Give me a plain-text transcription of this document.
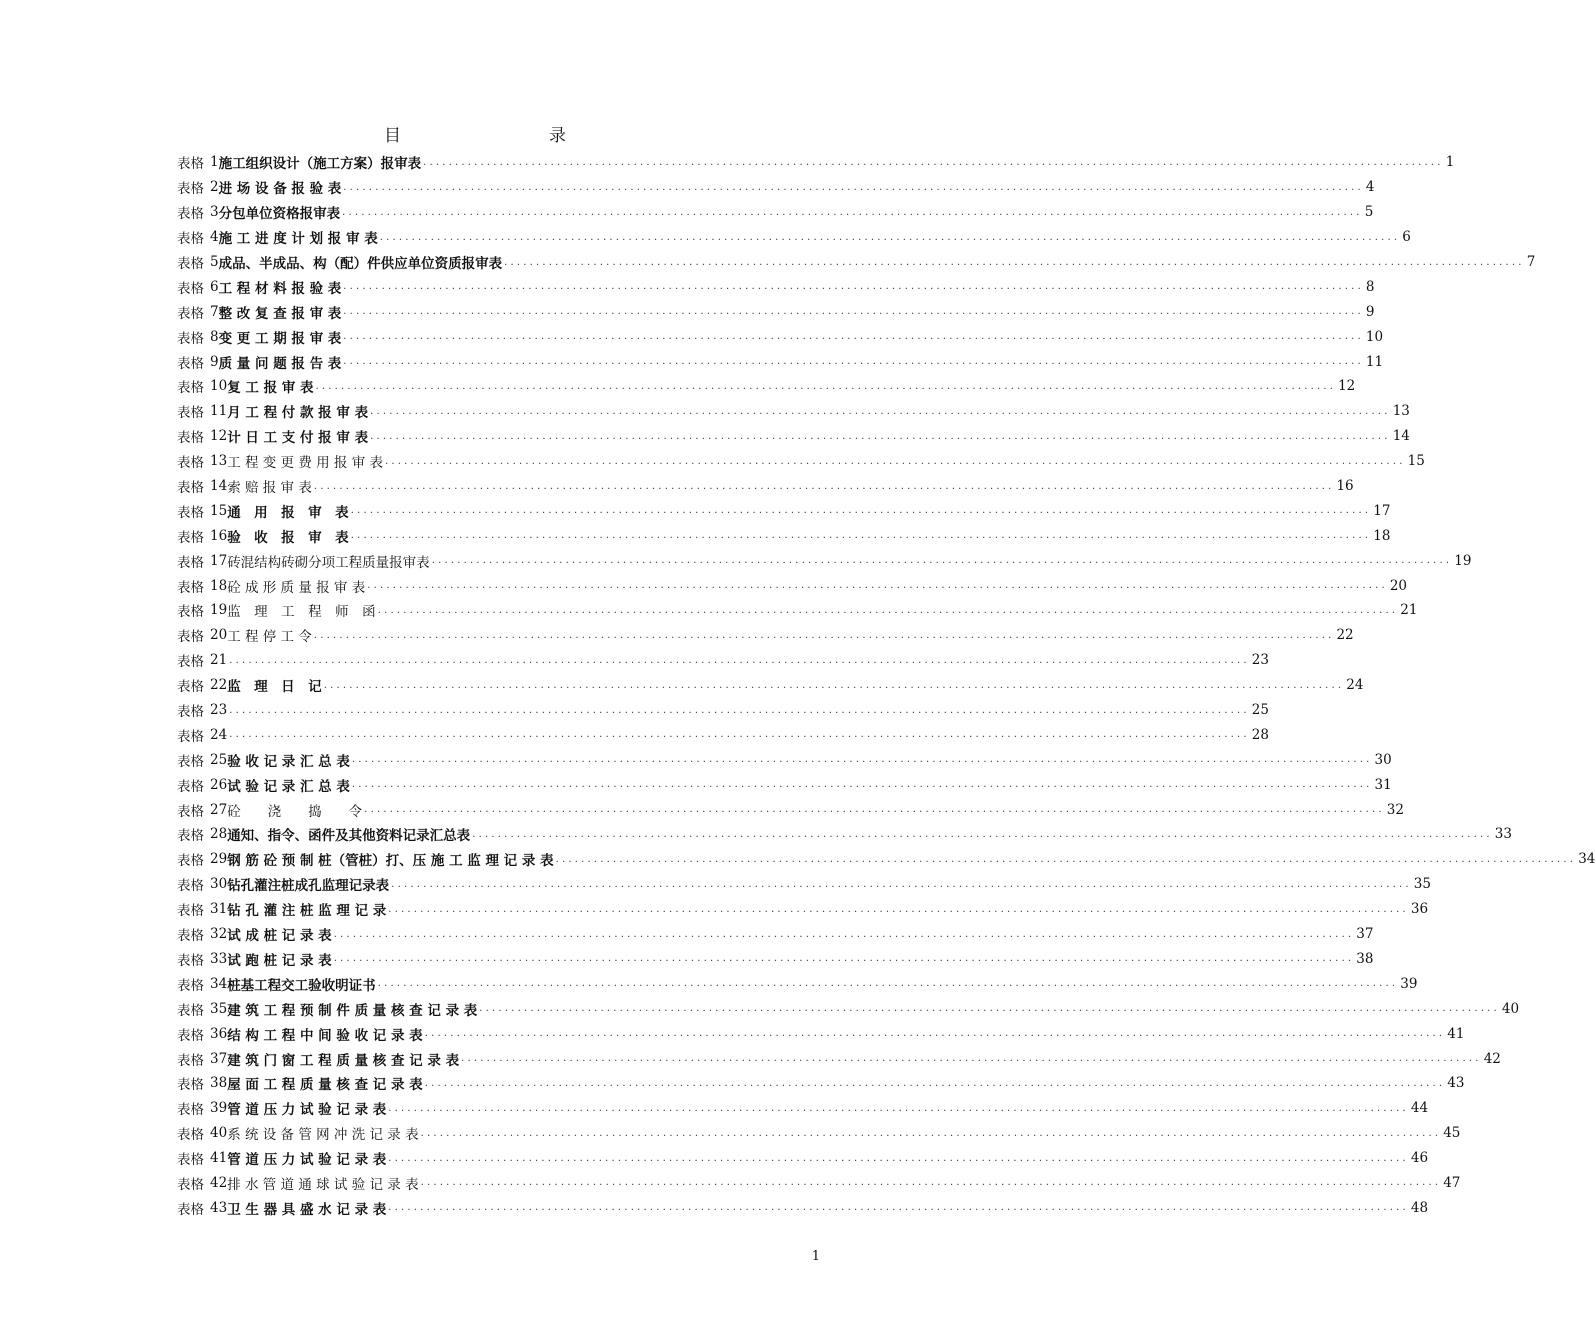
目	录
表格 1 施工组织设计（施工方案）报审表 ................................................................................................................................................................ 1
表格 2 进 场 设 备 报 验 表 ................................................................................................................................................................ 4
表格 3 分包单位资格报审表 ................................................................................................................................................................ 5
表格 4 施 工 进 度 计 划 报 审 表 ................................................................................................................................................................ 6
表格 5 成品、半成品、构（配）件供应单位资质报审表 ................................................................................................................................................................ 7
表格 6 工 程 材 料 报 验 表 ................................................................................................................................................................ 8
表格 7 整 改 复 查 报 审 表 ................................................................................................................................................................ 9
表格 8 变 更 工 期 报 审 表 ................................................................................................................................................................ 10
表格 9 质 量 问 题 报 告 表 ................................................................................................................................................................ 11
表格 10 复 工 报 审 表 ................................................................................................................................................................ 12
表格 11 月 工 程 付 款 报 审 表 ................................................................................................................................................................ 13
表格 12 计 日 工 支 付 报 审 表 ................................................................................................................................................................ 14
表格 13 工 程 变 更 费 用 报 审 表 ................................................................................................................................................................ 15
表格 14 索 赔 报 审 表 ................................................................................................................................................................ 16
表格 15 通　用　报　审　表 ................................................................................................................................................................ 17
表格 16 验　收　报　审　表 ................................................................................................................................................................ 18
表格 17 砖混结构砖砌分项工程质量报审表 ................................................................................................................................................................ 19
表格 18 砼 成 形 质 量 报 审 表 ................................................................................................................................................................ 20
表格 19 监　理　工　程　师　函 ................................................................................................................................................................ 21
表格 20 工 程 停 工 令 ................................................................................................................................................................ 22
表格 21 ................................................................................................................................................................ 23
表格 22 监　理　日　记 ................................................................................................................................................................ 24
表格 23 ................................................................................................................................................................ 25
表格 24 ................................................................................................................................................................ 28
表格 25 验 收 记 录 汇 总 表 ................................................................................................................................................................ 30
表格 26 试 验 记 录 汇 总 表 ................................................................................................................................................................ 31
表格 27 砼　　浇　　捣　　令 ................................................................................................................................................................ 32
表格 28 通知、指令、函件及其他资料记录汇总表 ................................................................................................................................................................ 33
表格 29 钢 筋 砼 预 制 桩（管桩）打、压 施 工 监 理 记 录 表 ................................................................................................................................................................ 34
表格 30 钻孔灌注桩成孔监理记录表 ................................................................................................................................................................ 35
表格 31 钻 孔 灌 注 桩 监 理 记 录 ................................................................................................................................................................ 36
表格 32 试 成 桩 记 录 表 ................................................................................................................................................................ 37
表格 33 试 跑 桩 记 录 表 ................................................................................................................................................................ 38
表格 34 桩基工程交工验收明证书 ................................................................................................................................................................ 39
表格 35 建 筑 工 程 预 制 件 质 量 核 查 记 录 表 ................................................................................................................................................................ 40
表格 36 结 构 工 程 中 间 验 收 记 录 表 ................................................................................................................................................................ 41
表格 37 建 筑 门 窗 工 程 质 量 核 查 记 录 表 ................................................................................................................................................................ 42
表格 38 屋 面 工 程 质 量 核 查 记 录 表 ................................................................................................................................................................ 43
表格 39 管 道 压 力 试 验 记 录 表 ................................................................................................................................................................ 44
表格 40 系 统 设 备 管 网 冲 洗 记 录 表 ................................................................................................................................................................ 45
表格 41 管 道 压 力 试 验 记 录 表 ................................................................................................................................................................ 46
表格 42 排 水 管 道 通 球 试 验 记 录 表 ................................................................................................................................................................ 47
表格 43 卫 生 器 具 盛 水 记 录 表 ................................................................................................................................................................ 48
1
